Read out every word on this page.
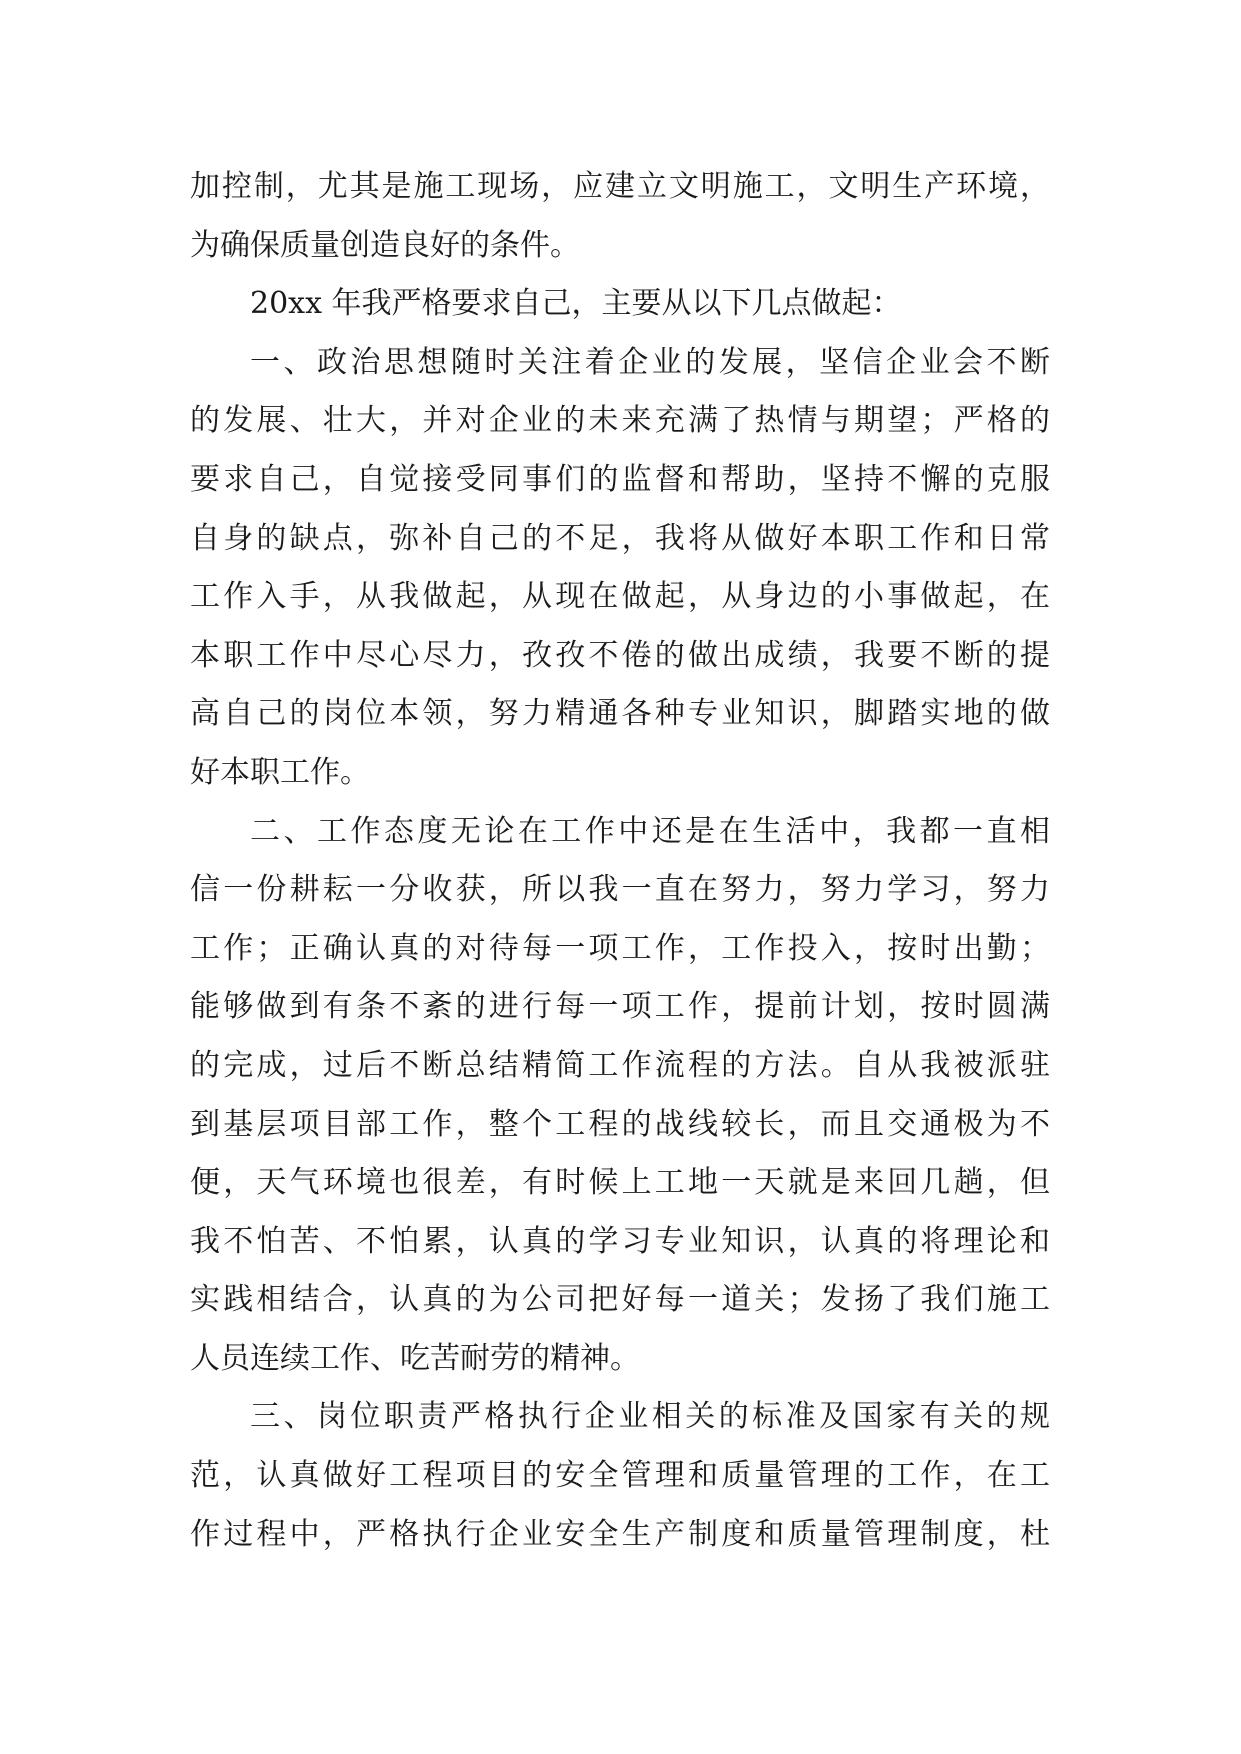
加控制，尤其是施工现场，应建立文明施工，文明生产环境，
为确保质量创造良好的条件。
20xx 年我严格要求自己，主要从以下几点做起：
一、政治思想随时关注着企业的发展，坚信企业会不断
的发展、壮大，并对企业的未来充满了热情与期望；严格的
要求自己，自觉接受同事们的监督和帮助，坚持不懈的克服
自身的缺点，弥补自己的不足，我将从做好本职工作和日常
工作入手，从我做起，从现在做起，从身边的小事做起，在
本职工作中尽心尽力，孜孜不倦的做出成绩，我要不断的提
高自己的岗位本领，努力精通各种专业知识，脚踏实地的做
好本职工作。
二、工作态度无论在工作中还是在生活中，我都一直相
信一份耕耘一分收获，所以我一直在努力，努力学习，努力
工作；正确认真的对待每一项工作，工作投入，按时出勤；
能够做到有条不紊的进行每一项工作，提前计划，按时圆满
的完成，过后不断总结精简工作流程的方法。自从我被派驻
到基层项目部工作，整个工程的战线较长，而且交通极为不
便，天气环境也很差，有时候上工地一天就是来回几趟，但
我不怕苦、不怕累，认真的学习专业知识，认真的将理论和
实践相结合，认真的为公司把好每一道关；发扬了我们施工
人员连续工作、吃苦耐劳的精神。
三、岗位职责严格执行企业相关的标准及国家有关的规
范，认真做好工程项目的安全管理和质量管理的工作，在工
作过程中，严格执行企业安全生产制度和质量管理制度，杜
